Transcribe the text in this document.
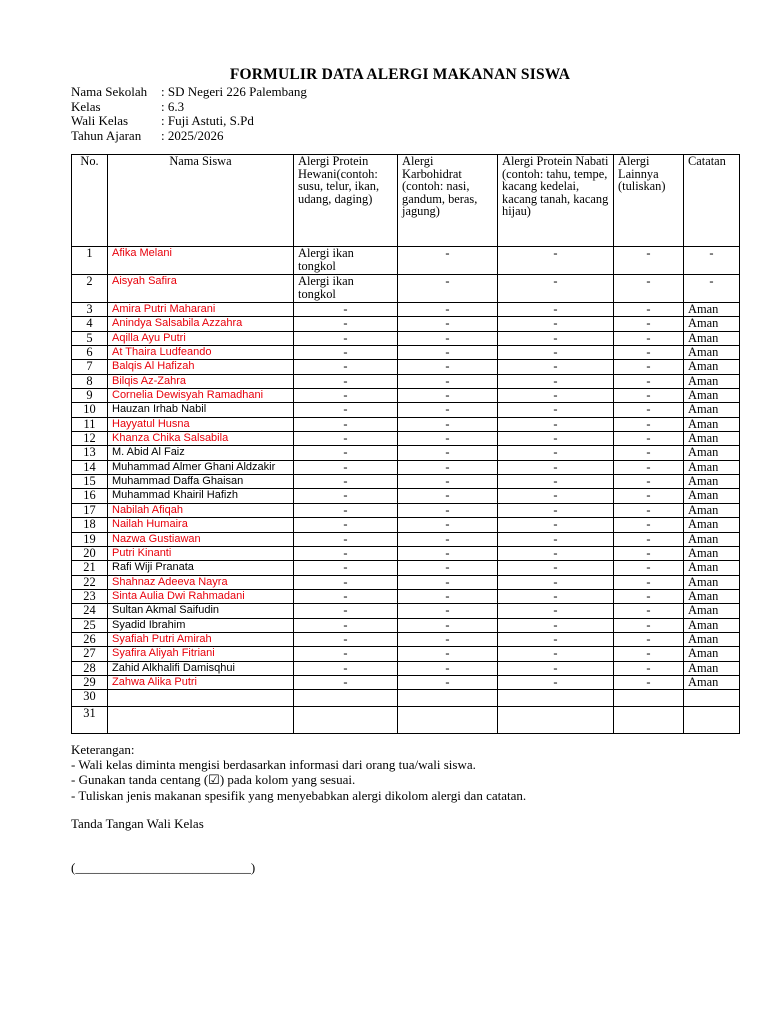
FORMULIR DATA ALERGI MAKANAN SISWA
Nama Sekolah	: SD Negeri 226 Palembang
Kelas	: 6.3
Wali Kelas	: Fuji Astuti, S.Pd
Tahun Ajaran	: 2025/2026
No.	Nama Siswa	Alergi Protein Hewani(contoh: susu, telur, ikan, udang, daging)	Alergi Karbohidrat (contoh: nasi, gandum, beras, jagung)	Alergi Protein Nabati (contoh: tahu, tempe, kacang kedelai, kacang tanah, kacang hijau)	Alergi Lainnya (tuliskan)	Catatan
1	Afika Melani	Alergi ikan tongkol	-	-	-	-
2	Aisyah Safira	Alergi ikan tongkol	-	-	-	-
3	Amira Putri Maharani	-	-	-	-	Aman
4	Anindya Salsabila Azzahra	-	-	-	-	Aman
5	Aqilla Ayu Putri	-	-	-	-	Aman
6	At Thaira Ludfeando	-	-	-	-	Aman
7	Balqis Al Hafizah	-	-	-	-	Aman
8	Bilqis Az-Zahra	-	-	-	-	Aman
9	Cornelia Dewisyah Ramadhani	-	-	-	-	Aman
10	Hauzan Irhab Nabil	-	-	-	-	Aman
11	Hayyatul Husna	-	-	-	-	Aman
12	Khanza Chika Salsabila	-	-	-	-	Aman
13	M. Abid Al Faiz	-	-	-	-	Aman
14	Muhammad Almer Ghani Aldzakir	-	-	-	-	Aman
15	Muhammad Daffa Ghaisan	-	-	-	-	Aman
16	Muhammad Khairil Hafizh	-	-	-	-	Aman
17	Nabilah Afiqah	-	-	-	-	Aman
18	Nailah Humaira	-	-	-	-	Aman
19	Nazwa Gustiawan	-	-	-	-	Aman
20	Putri Kinanti	-	-	-	-	Aman
21	Rafi Wiji Pranata	-	-	-	-	Aman
22	Shahnaz Adeeva Nayra	-	-	-	-	Aman
23	Sinta Aulia Dwi Rahmadani	-	-	-	-	Aman
24	Sultan Akmal Saifudin	-	-	-	-	Aman
25	Syadid Ibrahim	-	-	-	-	Aman
26	Syafiah Putri Amirah	-	-	-	-	Aman
27	Syafira Aliyah Fitriani	-	-	-	-	Aman
28	Zahid Alkhalifi Damisqhui	-	-	-	-	Aman
29	Zahwa Alika Putri	-	-	-	-	Aman
30						
31						
Keterangan:
- Wali kelas diminta mengisi berdasarkan informasi dari orang tua/wali siswa.
- Gunakan tanda centang (☑) pada kolom yang sesuai.
- Tuliskan jenis makanan spesifik yang menyebabkan alergi dikolom alergi dan catatan.
Tanda Tangan Wali Kelas
(___________________________)
